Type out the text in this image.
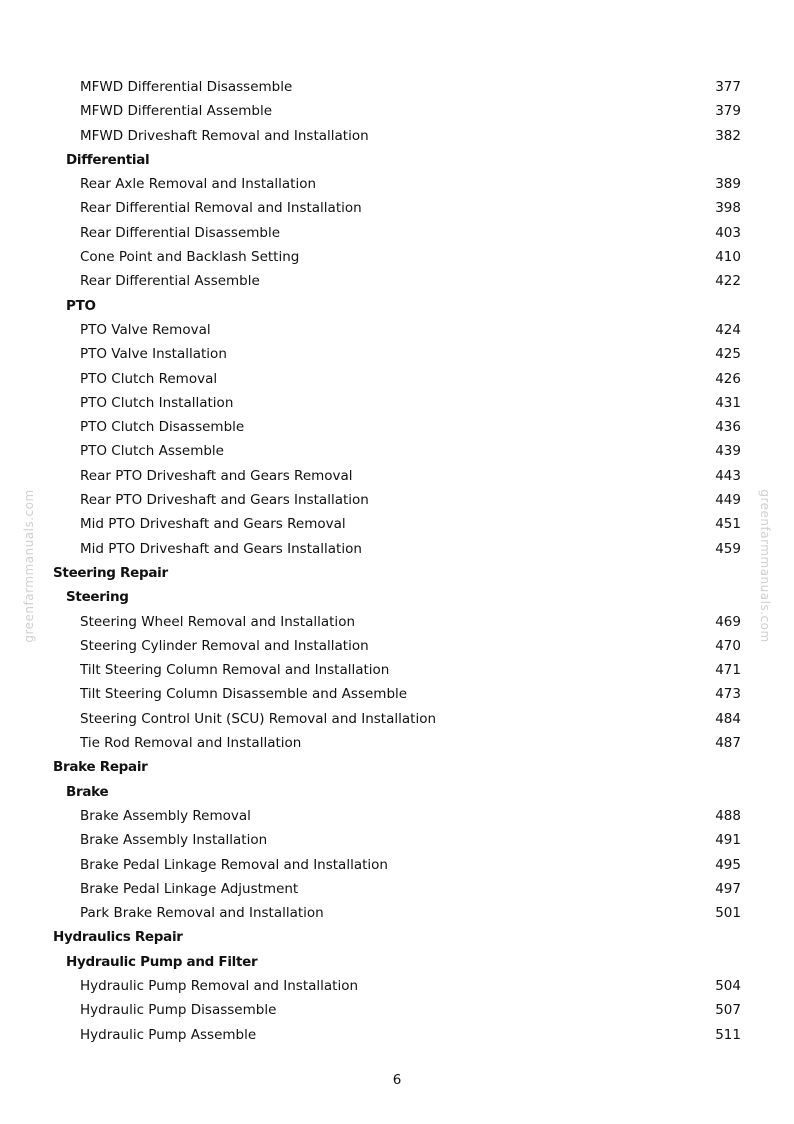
MFWD Differential Disassemble	377
MFWD Differential Assemble	379
MFWD Driveshaft Removal and Installation	382
Differential
Rear Axle Removal and Installation	389
Rear Differential Removal and Installation	398
Rear Differential Disassemble	403
Cone Point and Backlash Setting	410
Rear Differential Assemble	422
PTO
PTO Valve Removal	424
PTO Valve Installation	425
PTO Clutch Removal	426
PTO Clutch Installation	431
PTO Clutch Disassemble	436
PTO Clutch Assemble	439
Rear PTO Driveshaft and Gears Removal	443
Rear PTO Driveshaft and Gears Installation	449
Mid PTO Driveshaft and Gears Removal	451
Mid PTO Driveshaft and Gears Installation	459
Steering Repair
Steering
Steering Wheel Removal and Installation	469
Steering Cylinder Removal and Installation	470
Tilt Steering Column Removal and Installation	471
Tilt Steering Column Disassemble and Assemble	473
Steering Control Unit (SCU) Removal and Installation	484
Tie Rod Removal and Installation	487
Brake Repair
Brake
Brake Assembly Removal	488
Brake Assembly Installation	491
Brake Pedal Linkage Removal and Installation	495
Brake Pedal Linkage Adjustment	497
Park Brake Removal and Installation	501
Hydraulics Repair
Hydraulic Pump and Filter
Hydraulic Pump Removal and Installation	504
Hydraulic Pump Disassemble	507
Hydraulic Pump Assemble	511
greenfarmmanuals.com	greenfarmmanuals.com
6
